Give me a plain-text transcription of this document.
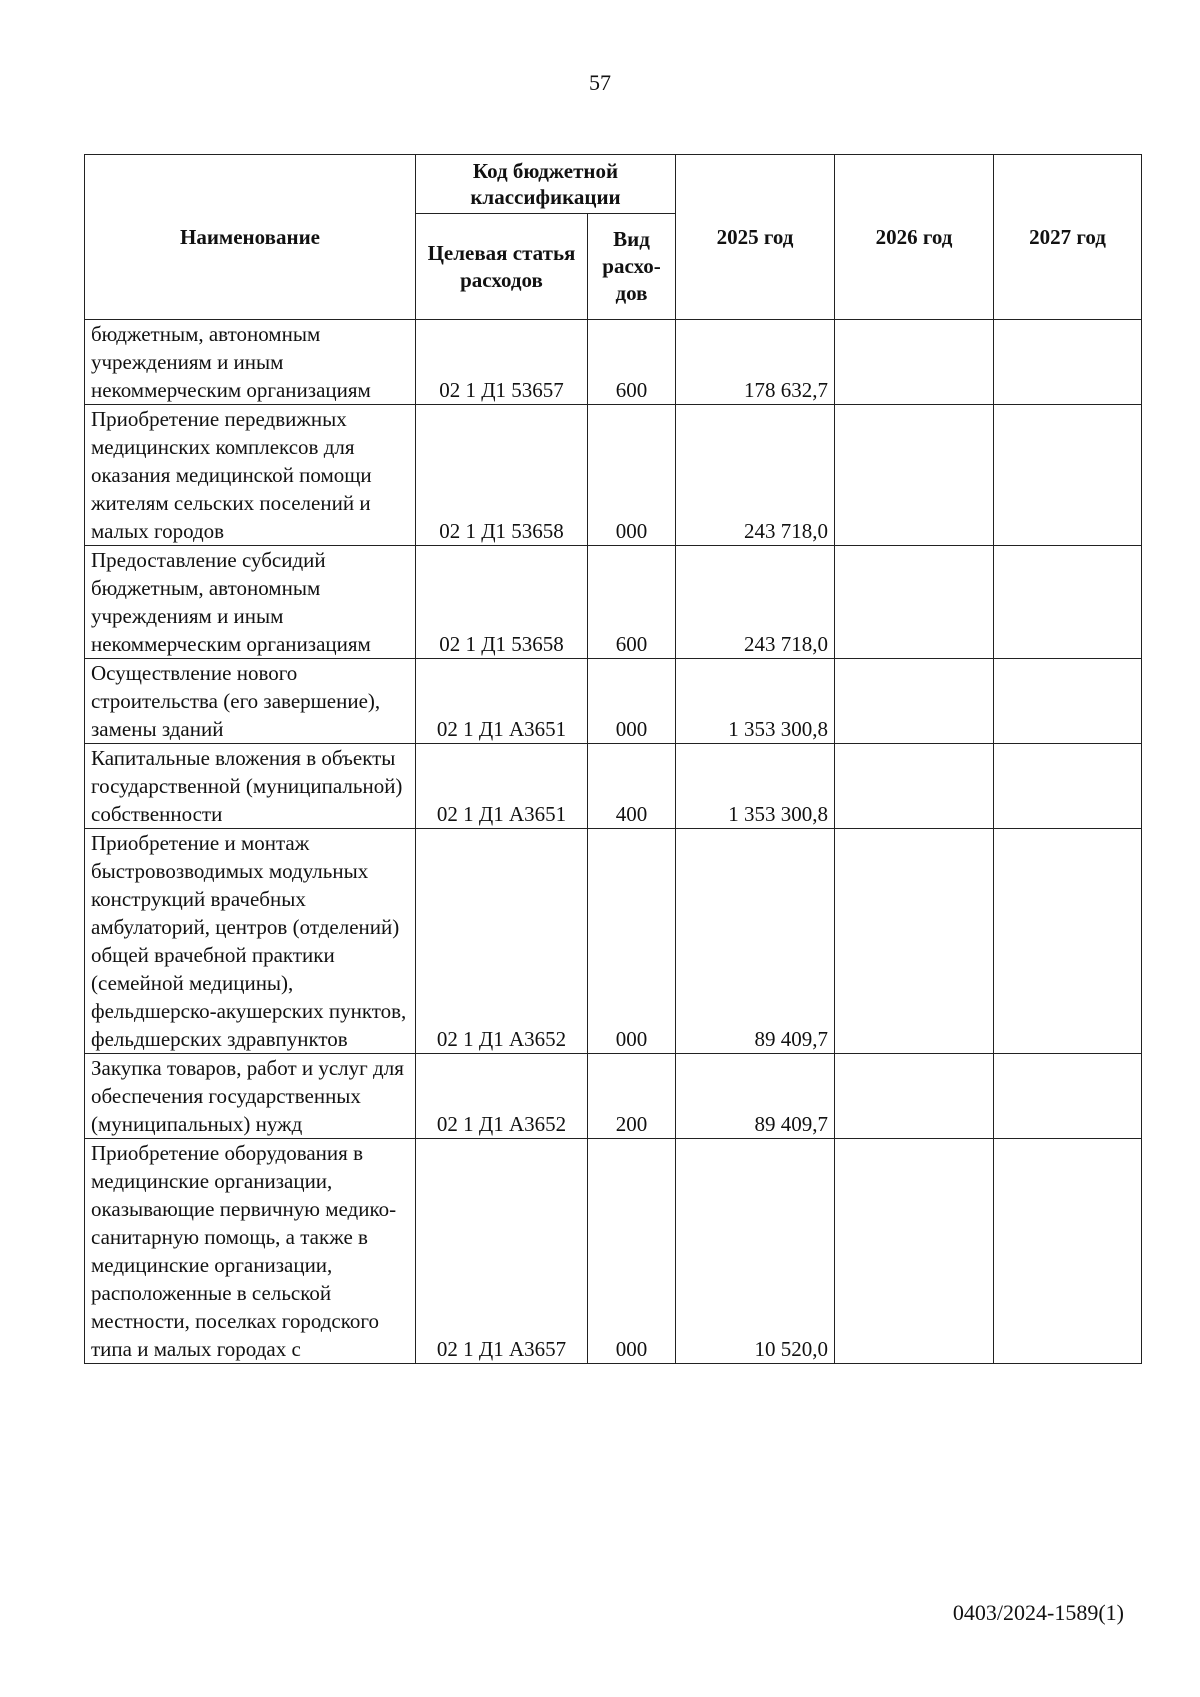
57
Наименование	Код бюджетной классификации		2025 год	2026 год	2027 год
	Целевая статья расходов	Вид расхо-дов			
бюджетным, автономным учреждениям и иным некоммерческим организациям	02 1 Д1 53657	600	178 632,7		
Приобретение передвижных медицинских комплексов для оказания медицинской помощи жителям сельских поселений и малых городов	02 1 Д1 53658	000	243 718,0		
Предоставление субсидий бюджетным, автономным учреждениям и иным некоммерческим организациям	02 1 Д1 53658	600	243 718,0		
Осуществление нового строительства (его завершение), замены зданий	02 1 Д1 А3651	000	1 353 300,8		
Капитальные вложения в объекты государственной (муниципальной) собственности	02 1 Д1 А3651	400	1 353 300,8		
Приобретение и монтаж быстровозводимых модульных конструкций врачебных амбулаторий, центров (отделений) общей врачебной практики (семейной медицины), фельдшерско-акушерских пунктов, фельдшерских здравпунктов	02 1 Д1 А3652	000	89 409,7		
Закупка товаров, работ и услуг для обеспечения государственных (муниципальных) нужд	02 1 Д1 А3652	200	89 409,7		
Приобретение оборудования в медицинские организации, оказывающие первичную медико-санитарную помощь, а также в медицинские организации, расположенные в сельской местности, поселках городского типа и малых городах с	02 1 Д1 А3657	000	10 520,0		
0403/2024-1589(1)
